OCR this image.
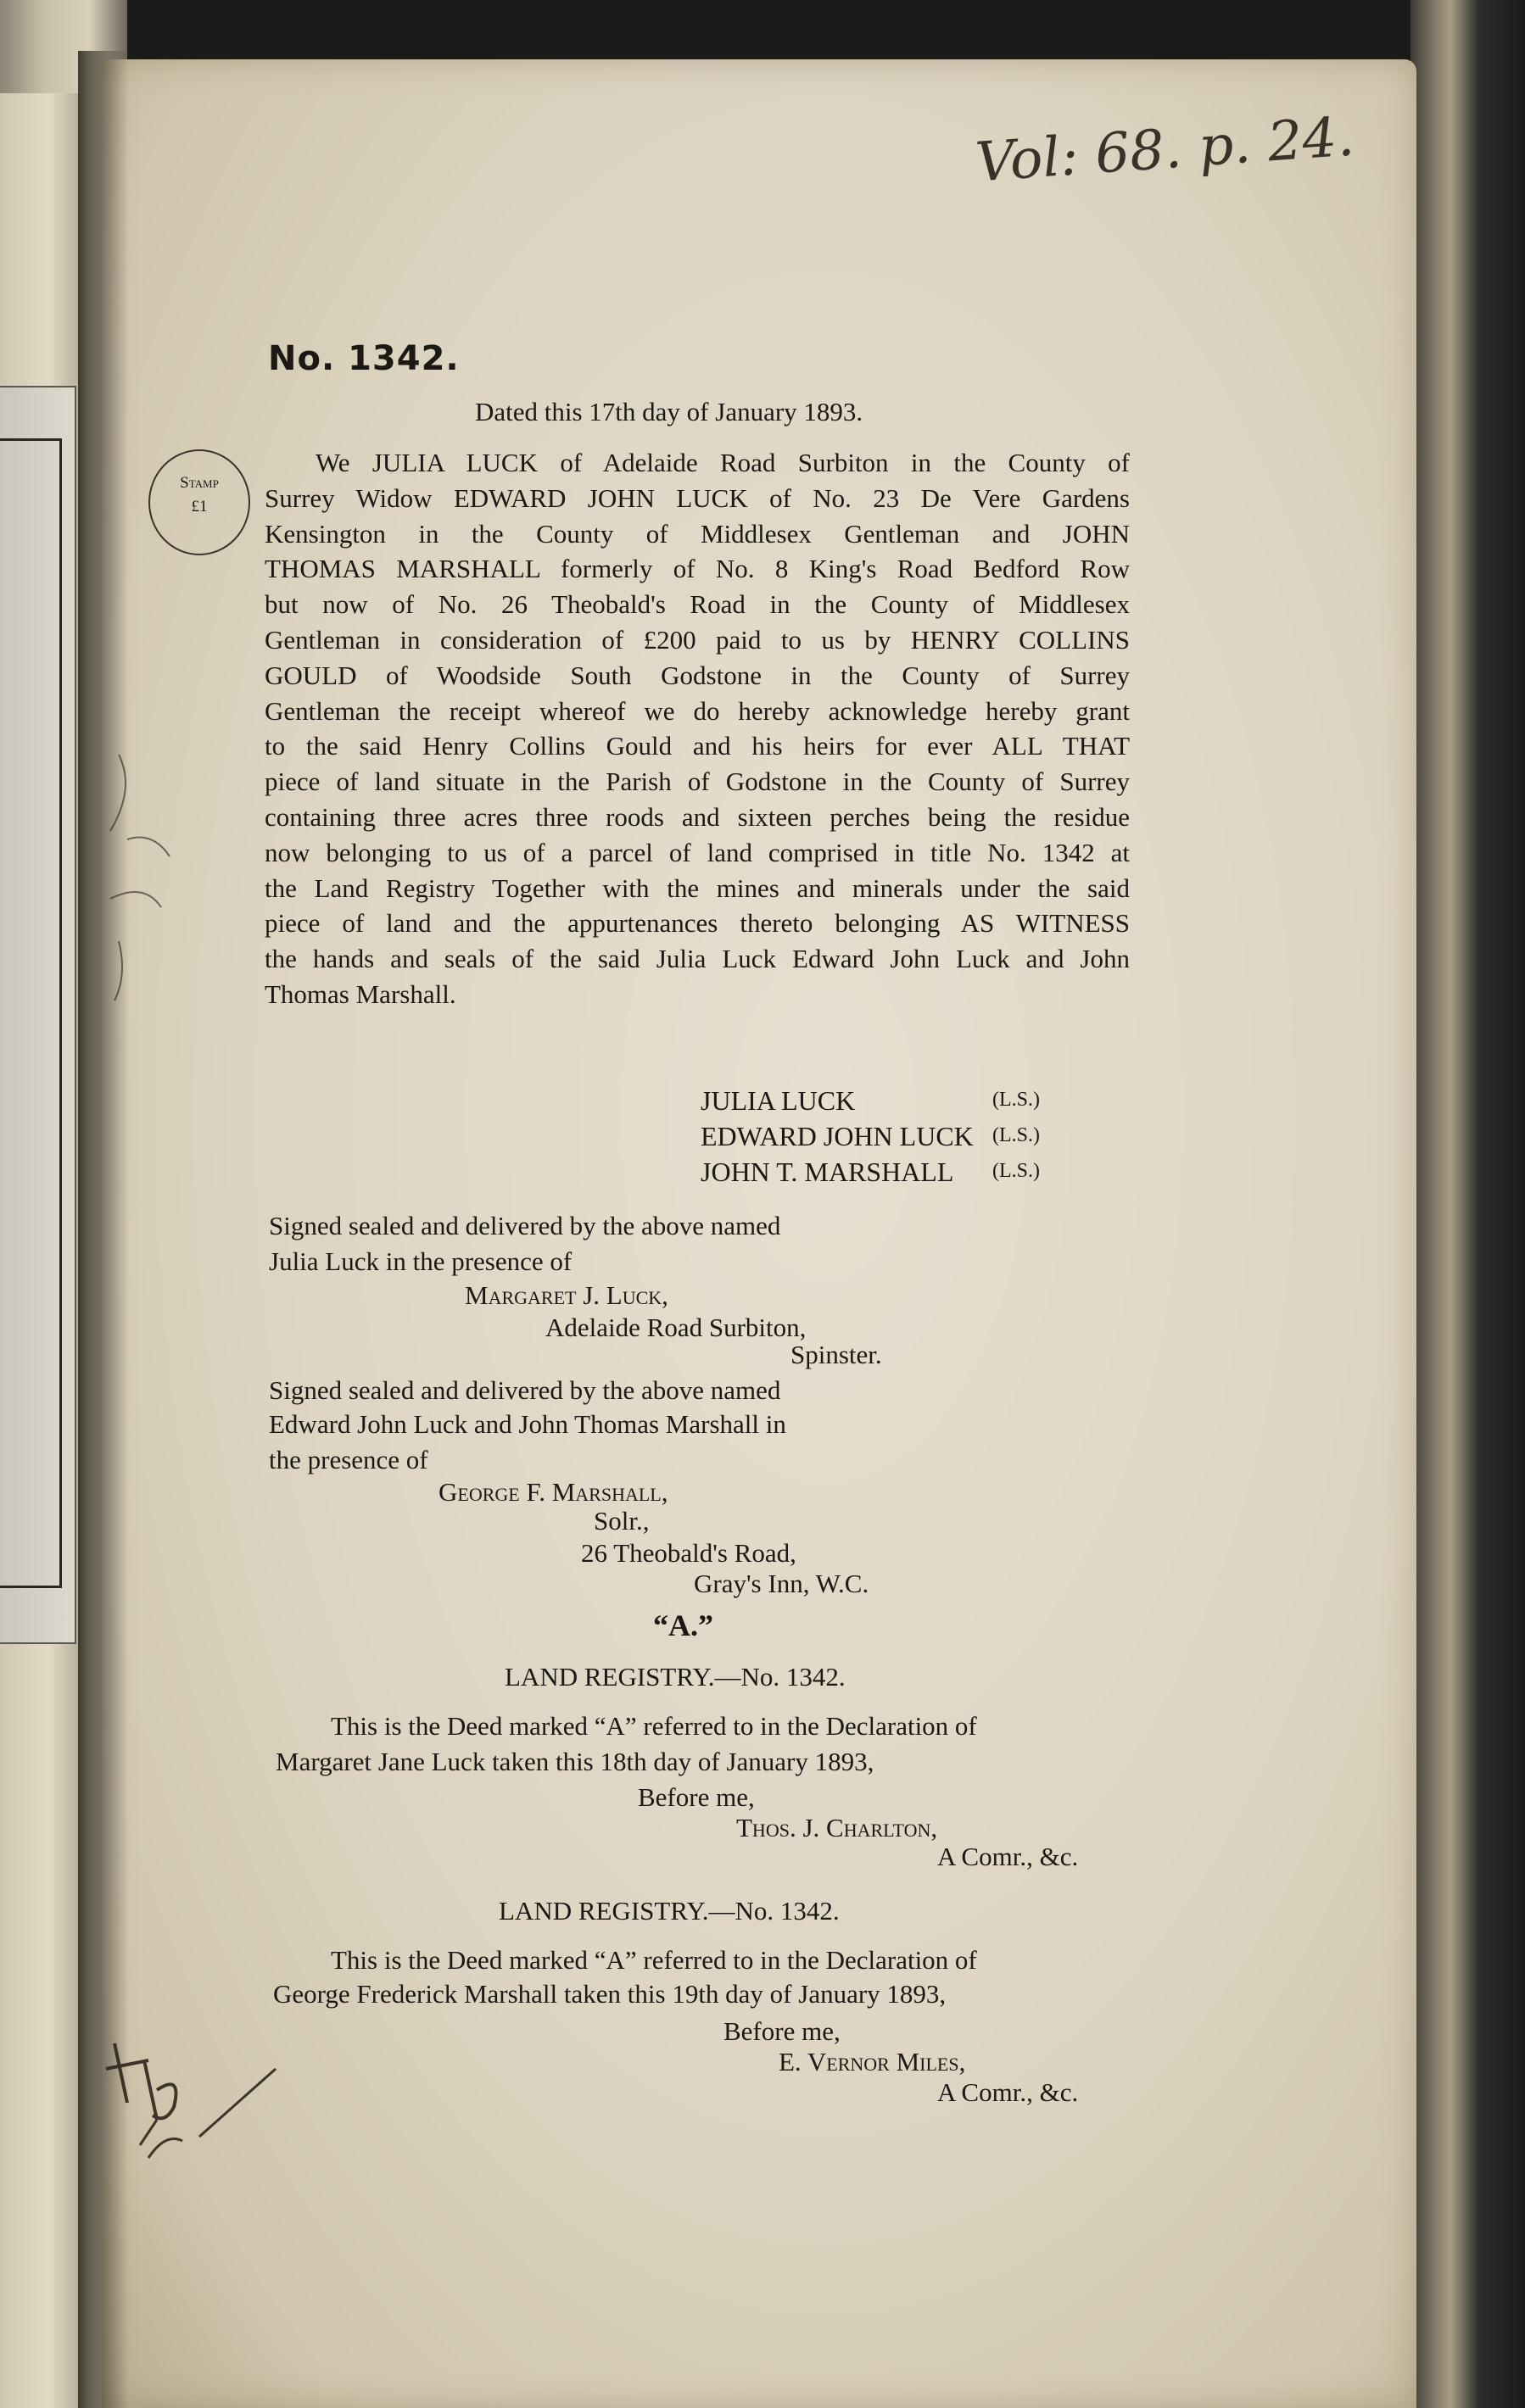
Vol: 68. p. 24.
No. 1342.
Dated this 17th day of January 1893.
Stamp
£1
We JULIA LUCK of Adelaide Road Surbiton in the County of
Surrey Widow EDWARD JOHN LUCK of No. 23 De Vere Gardens
Kensington in the County of Middlesex Gentleman and JOHN
THOMAS MARSHALL formerly of No. 8 King's Road Bedford Row
but now of No. 26 Theobald's Road in the County of Middlesex
Gentleman in consideration of £200 paid to us by HENRY COLLINS
GOULD of Woodside South Godstone in the County of Surrey
Gentleman the receipt whereof we do hereby acknowledge hereby grant
to the said Henry Collins Gould and his heirs for ever ALL THAT
piece of land situate in the Parish of Godstone in the County of Surrey
containing three acres three roods and sixteen perches being the residue
now belonging to us of a parcel of land comprised in title No. 1342 at
the Land Registry Together with the mines and minerals under the said
piece of land and the appurtenances thereto belonging AS WITNESS
the hands and seals of the said Julia Luck Edward John Luck and John
Thomas Marshall.
JULIA LUCK	(L.S.)
EDWARD JOHN LUCK (L.S.)
JOHN T. MARSHALL (L.S.)
Signed sealed and delivered by the above named
Julia Luck in the presence of
Margaret J. Luck,
Adelaide Road Surbiton,
Spinster.
Signed sealed and delivered by the above named
Edward John Luck and John Thomas Marshall in
the presence of
George F. Marshall,
Solr.,
26 Theobald's Road,
Gray's Inn, W.C.
“A.”
LAND REGISTRY.—No. 1342.
This is the Deed marked “A” referred to in the Declaration of
Margaret Jane Luck taken this 18th day of January 1893,
Before me,
Thos. J. Charlton,
A Comr., &c.
LAND REGISTRY.—No. 1342.
This is the Deed marked “A” referred to in the Declaration of
George Frederick Marshall taken this 19th day of January 1893,
Before me,
E. Vernor Miles,
A Comr., &c.
